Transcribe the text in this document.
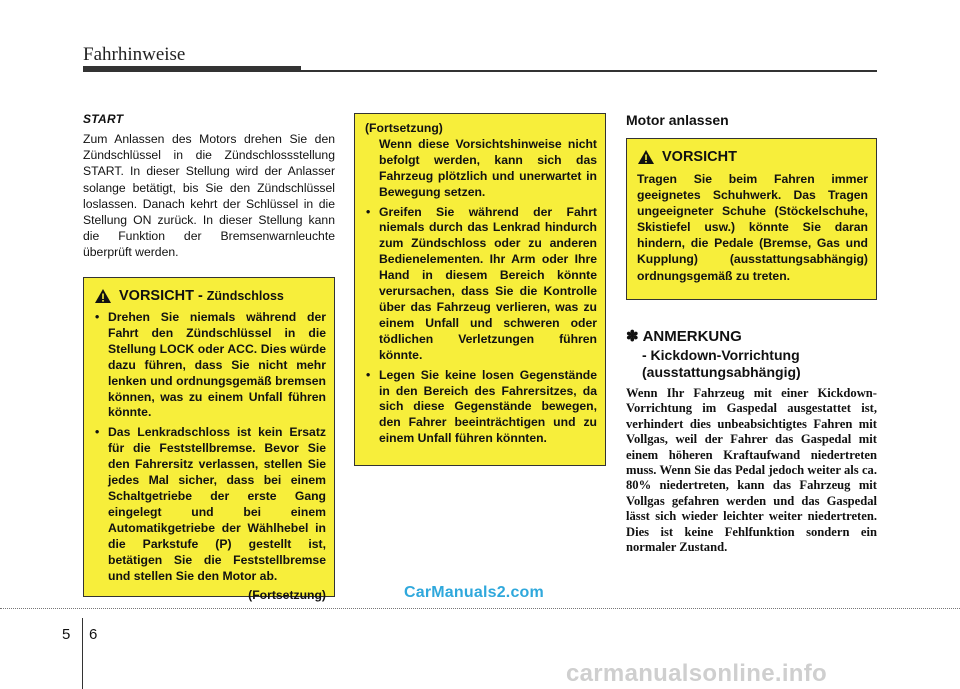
Fahrhinweise
START
Zum Anlassen des Motors drehen Sie den Zündschlüssel in die Zündschlossstellung START. In dieser Stellung wird der Anlasser solange betätigt, bis Sie den Zündschlüssel loslassen. Danach kehrt der Schlüssel in die Stellung ON zurück. In dieser Stellung kann die Funktion der Bremsenwarnleuchte überprüft werden.
VORSICHT - Zündschloss
• Drehen Sie niemals während der Fahrt den Zündschlüssel in die Stellung LOCK oder ACC. Dies würde dazu führen, dass Sie nicht mehr lenken und ordnungsgemäß bremsen können, was zu einem Unfall führen könnte.
• Das Lenkradschloss ist kein Ersatz für die Feststellbremse. Bevor Sie den Fahrersitz verlassen, stellen Sie jedes Mal sicher, dass bei einem Schaltgetriebe der erste Gang eingelegt und bei einem Automatikgetriebe der Wählhebel in die Parkstufe (P) gestellt ist, betätigen Sie die Feststellbremse und stellen Sie den Motor ab.
(Fortsetzung)
(Fortsetzung)
Wenn diese Vorsichtshinweise nicht befolgt werden, kann sich das Fahrzeug plötzlich und unerwartet in Bewegung setzen.
• Greifen Sie während der Fahrt niemals durch das Lenkrad hindurch zum Zündschloss oder zu anderen Bedienelementen. Ihr Arm oder Ihre Hand in diesem Bereich könnte verursachen, dass Sie die Kontrolle über das Fahrzeug verlieren, was zu einem Unfall und schweren oder tödlichen Verletzungen führen könnte.
• Legen Sie keine losen Gegenstände in den Bereich des Fahrersitzes, da sich diese Gegenstände bewegen, den Fahrer beeinträchtigen und zu einem Unfall führen könnten.
Motor anlassen
VORSICHT
Tragen Sie beim Fahren immer geeignetes Schuhwerk. Das Tragen ungeeigneter Schuhe (Stöckelschuhe, Skistiefel usw.) könnte Sie daran hindern, die Pedale (Bremse, Gas und Kupplung) (ausstattungsabhängig) ordnungsgemäß zu treten.
✽ ANMERKUNG
- Kickdown-Vorrichtung (ausstattungsabhängig)
Wenn Ihr Fahrzeug mit einer Kickdown-Vorrichtung im Gaspedal ausgestattet ist, verhindert dies unbeabsichtigtes Fahren mit Vollgas, weil der Fahrer das Gaspedal mit einem höheren Kraftaufwand niedertreten muss. Wenn Sie das Pedal jedoch weiter als ca. 80% niedertreten, kann das Fahrzeug mit Vollgas gefahren werden und das Gaspedal lässt sich wieder leichter weiter niedertreten. Dies ist keine Fehlfunktion sondern ein normaler Zustand.
CarManuals2.com
5 6
carmanualsonline.info
